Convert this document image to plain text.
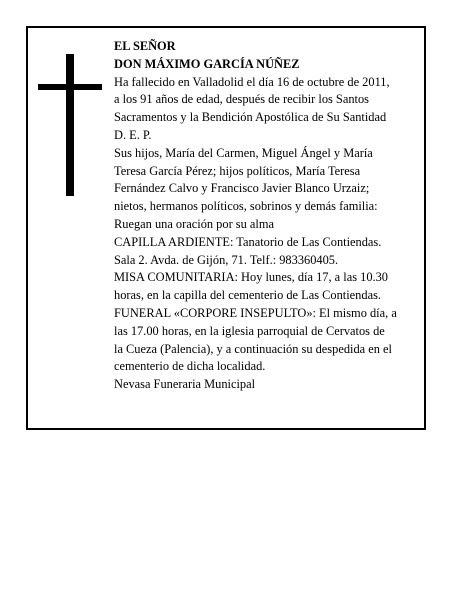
EL SEÑOR

DON MÁXIMO GARCÍA NÚÑEZ

Ha fallecido en Valladolid el día 16 de octubre de 2011,

a los 91 años de edad, después de recibir los Santos

Sacramentos y la Bendición Apostólica de Su Santidad

D. E. P.

Sus hijos, María del Carmen, Miguel Ángel y María

Teresa García Pérez; hijos políticos, María Teresa

Fernández Calvo y Francisco Javier Blanco Urzaiz;

nietos, hermanos políticos, sobrinos y demás familia:

Ruegan una oración por su alma

CAPILLA ARDIENTE: Tanatorio de Las Contiendas.

Sala 2. Avda. de Gijón, 71. Telf.: 983360405.

MISA COMUNITARIA: Hoy lunes, día 17, a las 10.30

horas, en la capilla del cementerio de Las Contiendas.

FUNERAL «CORPORE INSEPULTO»: El mismo día, a

las 17.00 horas, en la iglesia parroquial de Cervatos de

la Cueza (Palencia), y a continuación su despedida en el

cementerio de dicha localidad.

Nevasa Funeraria Municipal
